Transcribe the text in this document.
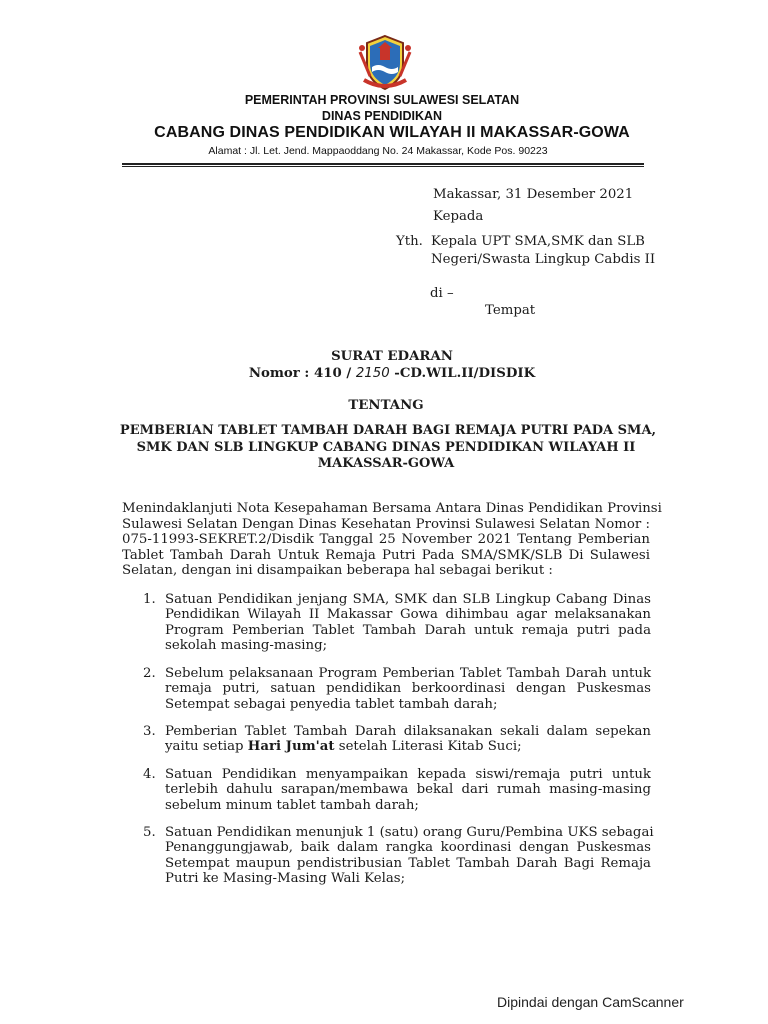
PEMERINTAH PROVINSI SULAWESI SELATAN
DINAS PENDIDIKAN
CABANG DINAS PENDIDIKAN WILAYAH II MAKASSAR-GOWA
Alamat : Jl. Let. Jend. Mappaoddang No. 24 Makassar, Kode Pos. 90223
Makassar, 31 Desember 2021
Kepada
Yth. Kepala UPT SMA,SMK dan SLB
Negeri/Swasta Lingkup Cabdis II
di –
Tempat
SURAT EDARAN
Nomor : 410 / 2150 -CD.WIL.II/DISDIK
TENTANG
PEMBERIAN TABLET TAMBAH DARAH BAGI REMAJA PUTRI PADA SMA,
SMK DAN SLB LINGKUP CABANG DINAS PENDIDIKAN WILAYAH II
MAKASSAR-GOWA
Menindaklanjuti Nota Kesepahaman Bersama Antara Dinas Pendidikan Provinsi
Sulawesi Selatan Dengan Dinas Kesehatan Provinsi Sulawesi Selatan Nomor :
075-11993-SEKRET.2/Disdik Tanggal 25 November 2021 Tentang Pemberian
Tablet Tambah Darah Untuk Remaja Putri Pada SMA/SMK/SLB Di Sulawesi
Selatan, dengan ini disampaikan beberapa hal sebagai berikut :
1. Satuan Pendidikan jenjang SMA, SMK dan SLB Lingkup Cabang Dinas
Pendidikan Wilayah II Makassar Gowa dihimbau agar melaksanakan
Program Pemberian Tablet Tambah Darah untuk remaja putri pada
sekolah masing-masing;
2. Sebelum pelaksanaan Program Pemberian Tablet Tambah Darah untuk
remaja putri, satuan pendidikan berkoordinasi dengan Puskesmas
Setempat sebagai penyedia tablet tambah darah;
3. Pemberian Tablet Tambah Darah dilaksanakan sekali dalam sepekan
yaitu setiap Hari Jum'at setelah Literasi Kitab Suci;
4. Satuan Pendidikan menyampaikan kepada siswi/remaja putri untuk
terlebih dahulu sarapan/membawa bekal dari rumah masing-masing
sebelum minum tablet tambah darah;
5. Satuan Pendidikan menunjuk 1 (satu) orang Guru/Pembina UKS sebagai
Penanggungjawab, baik dalam rangka koordinasi dengan Puskesmas
Setempat maupun pendistribusian Tablet Tambah Darah Bagi Remaja
Putri ke Masing-Masing Wali Kelas;
Dipindai dengan CamScanner
